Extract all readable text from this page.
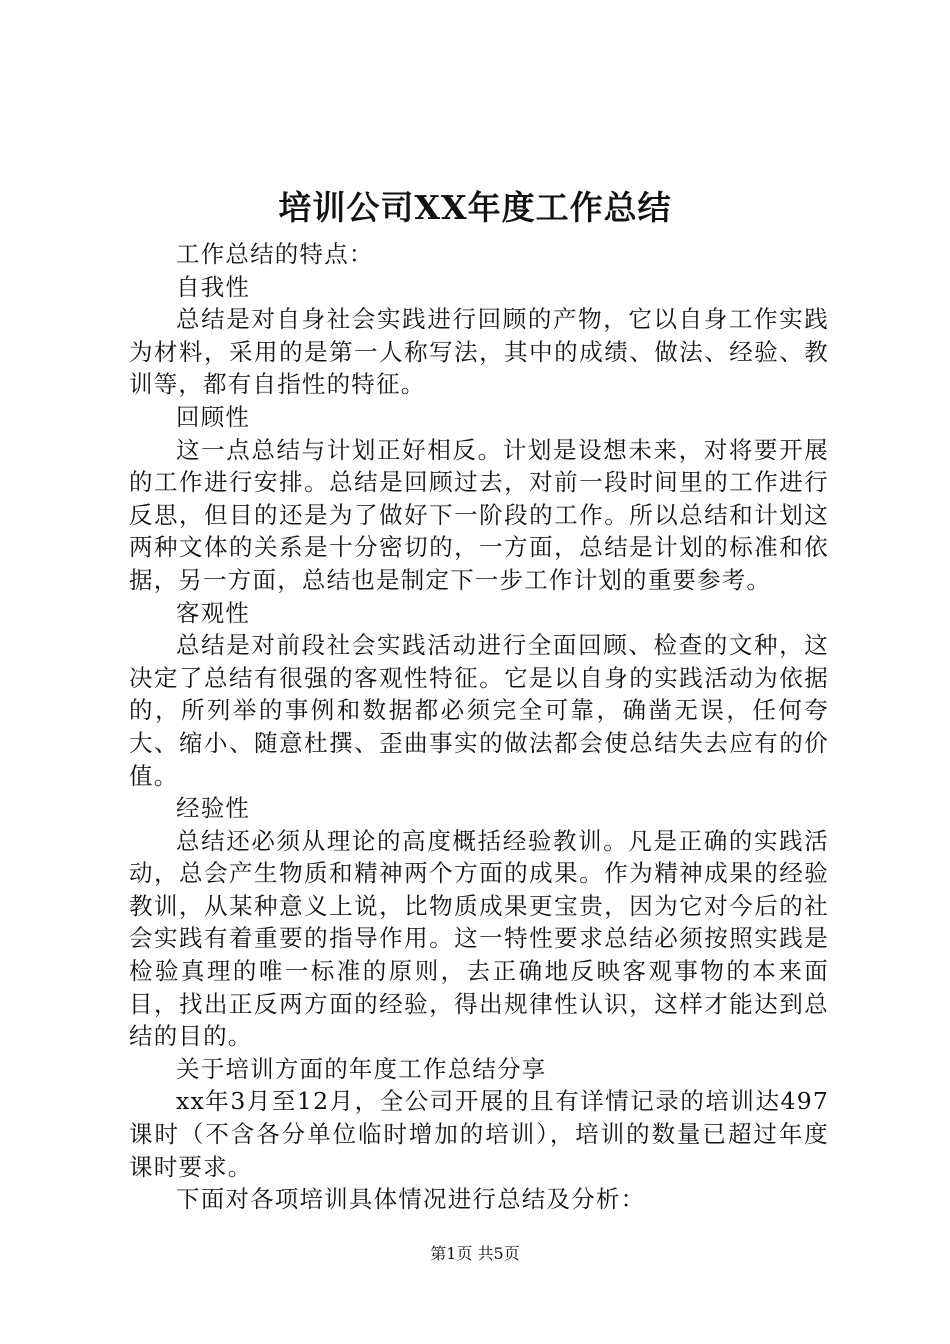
培训公司XX年度工作总结

工作总结的特点：

自我性

总结是对自身社会实践进行回顾的产物，它以自身工作实践为材料，采用的是第一人称写法，其中的成绩、做法、经验、教训等，都有自指性的特征。

回顾性

这一点总结与计划正好相反。计划是设想未来，对将要开展的工作进行安排。总结是回顾过去，对前一段时间里的工作进行反思，但目的还是为了做好下一阶段的工作。所以总结和计划这两种文体的关系是十分密切的，一方面，总结是计划的标准和依据，另一方面，总结也是制定下一步工作计划的重要参考。

客观性

总结是对前段社会实践活动进行全面回顾、检查的文种，这决定了总结有很强的客观性特征。它是以自身的实践活动为依据的，所列举的事例和数据都必须完全可靠，确凿无误，任何夸大、缩小、随意杜撰、歪曲事实的做法都会使总结失去应有的价值。

经验性

总结还必须从理论的高度概括经验教训。凡是正确的实践活动，总会产生物质和精神两个方面的成果。作为精神成果的经验教训，从某种意义上说，比物质成果更宝贵，因为它对今后的社会实践有着重要的指导作用。这一特性要求总结必须按照实践是检验真理的唯一标准的原则，去正确地反映客观事物的本来面目，找出正反两方面的经验，得出规律性认识，这样才能达到总结的目的。

关于培训方面的年度工作总结分享

xx年3月至12月，全公司开展的且有详情记录的培训达497课时（不含各分单位临时增加的培训），培训的数量已超过年度课时要求。

下面对各项培训具体情况进行总结及分析：

第1页 共5页
